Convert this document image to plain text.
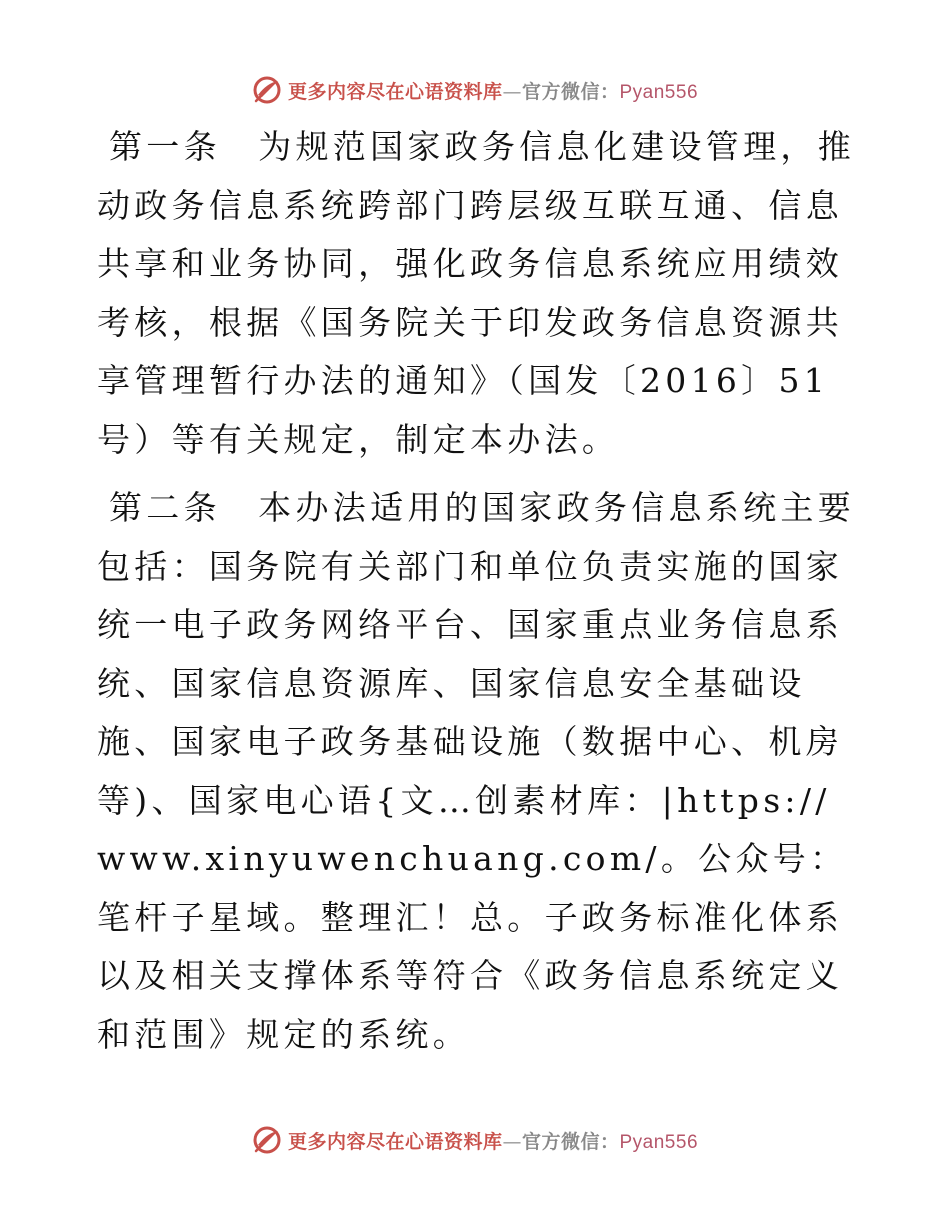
更多内容尽在心语资料库—官方微信：Pyan556

第一条　为规范国家政务信息化建设管理，推动政务信息系统跨部门跨层级互联互通、信息共享和业务协同，强化政务信息系统应用绩效考核，根据《国务院关于印发政务信息资源共享管理暂行办法的通知》（国发〔2016〕51号）等有关规定，制定本办法。

第二条　本办法适用的国家政务信息系统主要包括：国务院有关部门和单位负责实施的国家统一电子政务网络平台、国家重点业务信息系统、国家信息资源库、国家信息安全基础设施、国家电子政务基础设施（数据中心、机房等)、国家电心语{文…创素材库：|https://www.xinyuwenchuang.com/。公众号：笔杆子星域。整理汇！总。子政务标准化体系以及相关支撑体系等符合《政务信息系统定义和范围》规定的系统。

更多内容尽在心语资料库—官方微信：Pyan556
